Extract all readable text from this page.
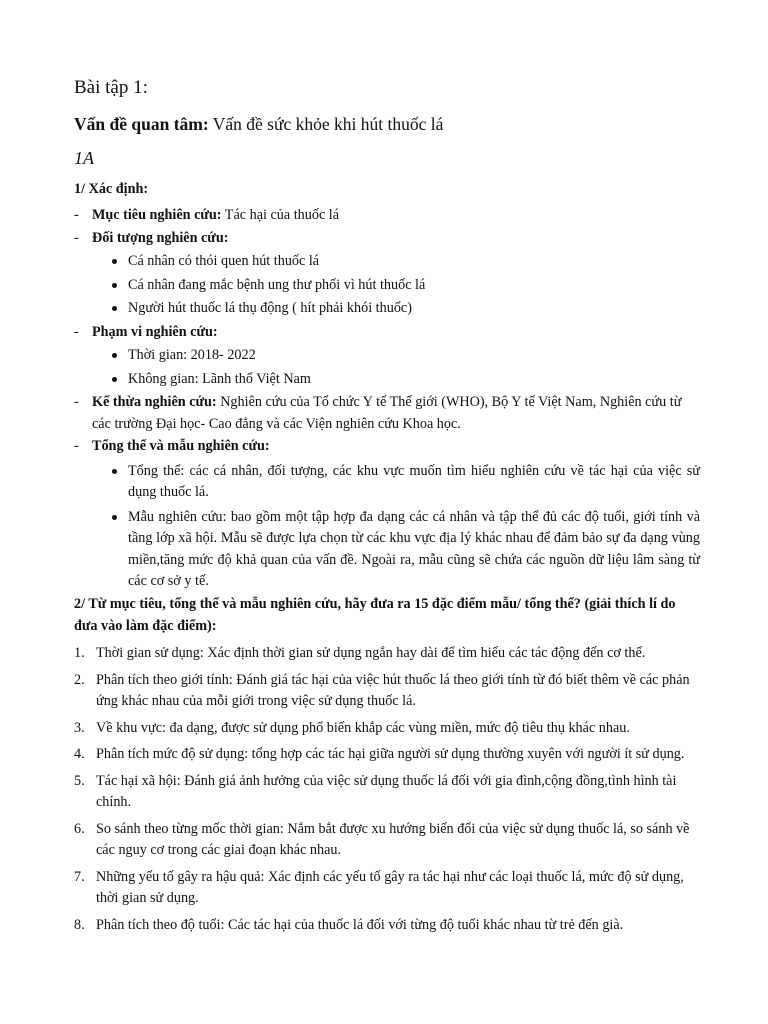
Bài tập 1:
Vấn đề quan tâm: Vấn đề sức khỏe khi hút thuốc lá
1A
1/ Xác định:
- Mục tiêu nghiên cứu: Tác hại của thuốc lá
- Đối tượng nghiên cứu:
Cá nhân có thói quen hút thuốc lá
Cá nhân đang mắc bệnh ung thư phổi vì hút thuốc lá
Người hút thuốc lá thụ động ( hít phải khói thuốc)
- Phạm vi nghiên cứu:
Thời gian: 2018- 2022
Không gian: Lãnh thổ Việt Nam
- Kế thừa nghiên cứu: Nghiên cứu của Tổ chức Y tế Thế giới (WHO), Bộ Y tế Việt Nam, Nghiên cứu từ các trường Đại học- Cao đẳng và các Viện nghiên cứu Khoa học.
- Tổng thể và mẫu nghiên cứu:
Tổng thể: các cá nhân, đối tượng, các khu vực muốn tìm hiểu nghiên cứu về tác hại của việc sử dụng thuốc lá.
Mẫu nghiên cứu: bao gồm một tập hợp đa dạng các cá nhân và tập thể đủ các độ tuổi, giới tính và tầng lớp xã hội. Mẫu sẽ được lựa chọn từ các khu vực địa lý khác nhau để đảm bảo sự đa dạng vùng miền,tăng mức độ khả quan của vấn đề. Ngoài ra, mẫu cũng sẽ chứa các nguồn dữ liệu lâm sàng từ các cơ sở y tế.
2/ Từ mục tiêu, tổng thể và mẫu nghiên cứu, hãy đưa ra 15 đặc điểm mẫu/ tổng thể? (giải thích lí do đưa vào làm đặc điểm):
1. Thời gian sử dụng: Xác định thời gian sử dụng ngắn hay dài để tìm hiểu các tác động đến cơ thể.
2. Phân tích theo giới tính: Đánh giá tác hại của việc hút thuốc lá theo giới tính từ đó biết thêm về các phản ứng khác nhau của mỗi giới trong việc sử dụng thuốc lá.
3. Về khu vực: đa dạng, được sử dụng phổ biến khắp các vùng miền, mức độ tiêu thụ khác nhau.
4. Phân tích mức độ sử dụng: tổng hợp các tác hại giữa người sử dụng thường xuyên với người ít sử dụng.
5. Tác hại xã hội: Đánh giá ảnh hưởng của việc sử dụng thuốc lá đối với gia đình,cộng đồng,tình hình tài chính.
6. So sánh theo từng mốc thời gian: Nắm bắt được xu hướng biến đổi của việc sử dụng thuốc lá, so sánh về các nguy cơ trong các giai đoạn khác nhau.
7. Những yếu tố gây ra hậu quả: Xác định các yếu tố gây ra tác hại như các loại thuốc lá, mức độ sử dụng, thời gian sử dụng.
8. Phân tích theo độ tuổi: Các tác hại của thuốc lá đối với từng độ tuổi khác nhau từ trẻ đến già.
